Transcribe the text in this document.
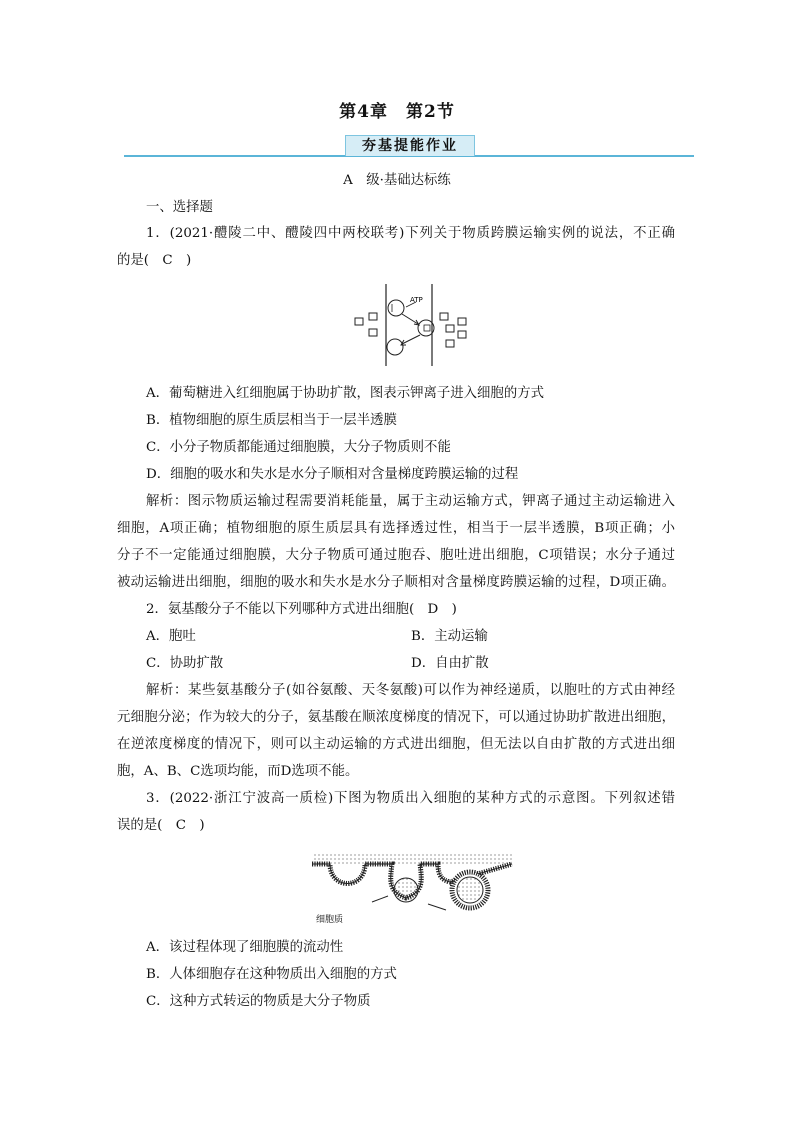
第4章　第2节
夯基提能作业
A　级·基础达标练
一、选择题
1．(2021·醴陵二中、醴陵四中两校联考)下列关于物质跨膜运输实例的说法，不正确
的是(　C　)
ATP
A．葡萄糖进入红细胞属于协助扩散，图表示钾离子进入细胞的方式
B．植物细胞的原生质层相当于一层半透膜
C．小分子物质都能通过细胞膜，大分子物质则不能
D．细胞的吸水和失水是水分子顺相对含量梯度跨膜运输的过程
解析：图示物质运输过程需要消耗能量，属于主动运输方式，钾离子通过主动运输进入
细胞，A项正确；植物细胞的原生质层具有选择透过性，相当于一层半透膜，B项正确；小
分子不一定能通过细胞膜，大分子物质可通过胞吞、胞吐进出细胞，C项错误；水分子通过
被动运输进出细胞，细胞的吸水和失水是水分子顺相对含量梯度跨膜运输的过程，D项正确。
2．氨基酸分子不能以下列哪种方式进出细胞(　D　)
A．胞吐	B．主动运输
C．协助扩散	D．自由扩散
解析：某些氨基酸分子(如谷氨酸、天冬氨酸)可以作为神经递质，以胞吐的方式由神经
元细胞分泌；作为较大的分子，氨基酸在顺浓度梯度的情况下，可以通过协助扩散进出细胞，
在逆浓度梯度的情况下，则可以主动运输的方式进出细胞，但无法以自由扩散的方式进出细
胞，A、B、C选项均能，而D选项不能。
3．(2022·浙江宁波高一质检)下图为物质出入细胞的某种方式的示意图。下列叙述错
误的是(　C　)
细胞质
A．该过程体现了细胞膜的流动性
B．人体细胞存在这种物质出入细胞的方式
C．这种方式转运的物质是大分子物质
